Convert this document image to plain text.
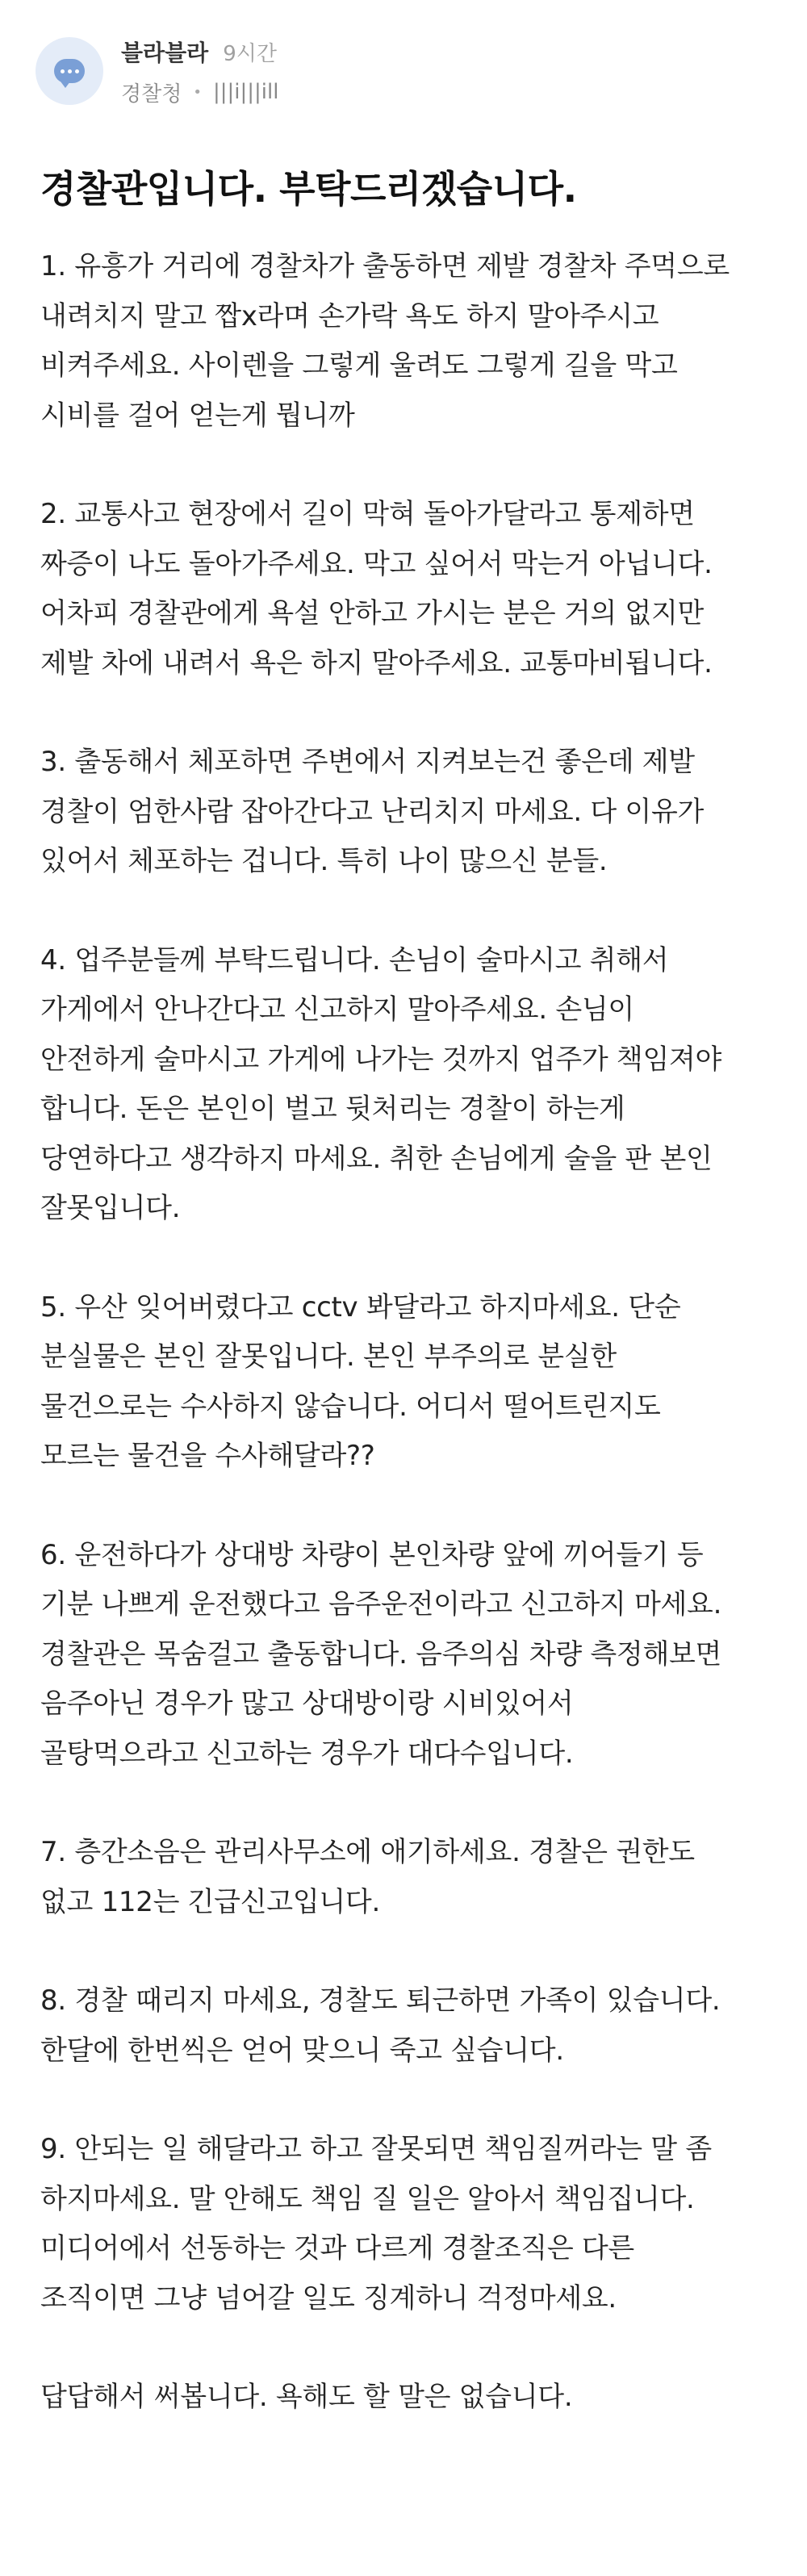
블라블라 9시간
경찰청 • |||i|||ill
경찰관입니다. 부탁드리겠습니다.
1. 유흥가 거리에 경찰차가 출동하면 제발 경찰차 주먹으로
내려치지 말고 짭x라며 손가락 욕도 하지 말아주시고
비켜주세요. 사이렌을 그렇게 울려도 그렇게 길을 막고
시비를 걸어 얻는게 뭡니까
2. 교통사고 현장에서 길이 막혀 돌아가달라고 통제하면
짜증이 나도 돌아가주세요. 막고 싶어서 막는거 아닙니다.
어차피 경찰관에게 욕설 안하고 가시는 분은 거의 없지만
제발 차에 내려서 욕은 하지 말아주세요. 교통마비됩니다.
3. 출동해서 체포하면 주변에서 지켜보는건 좋은데 제발
경찰이 엄한사람 잡아간다고 난리치지 마세요. 다 이유가
있어서 체포하는 겁니다. 특히 나이 많으신 분들.
4. 업주분들께 부탁드립니다. 손님이 술마시고 취해서
가게에서 안나간다고 신고하지 말아주세요. 손님이
안전하게 술마시고 가게에 나가는 것까지 업주가 책임져야
합니다. 돈은 본인이 벌고 뒷처리는 경찰이 하는게
당연하다고 생각하지 마세요. 취한 손님에게 술을 판 본인
잘못입니다.
5. 우산 잊어버렸다고 cctv 봐달라고 하지마세요. 단순
분실물은 본인 잘못입니다. 본인 부주의로 분실한
물건으로는 수사하지 않습니다. 어디서 떨어트린지도
모르는 물건을 수사해달라??
6. 운전하다가 상대방 차량이 본인차량 앞에 끼어들기 등
기분 나쁘게 운전했다고 음주운전이라고 신고하지 마세요.
경찰관은 목숨걸고 출동합니다. 음주의심 차량 측정해보면
음주아닌 경우가 많고 상대방이랑 시비있어서
골탕먹으라고 신고하는 경우가 대다수입니다.
7. 층간소음은 관리사무소에 애기하세요. 경찰은 권한도
없고 112는 긴급신고입니다.
8. 경찰 때리지 마세요, 경찰도 퇴근하면 가족이 있습니다.
한달에 한번씩은 얻어 맞으니 죽고 싶습니다.
9. 안되는 일 해달라고 하고 잘못되면 책임질꺼라는 말 좀
하지마세요. 말 안해도 책임 질 일은 알아서 책임집니다.
미디어에서 선동하는 것과 다르게 경찰조직은 다른
조직이면 그냥 넘어갈 일도 징계하니 걱정마세요.
답답해서 써봅니다. 욕해도 할 말은 없습니다.
